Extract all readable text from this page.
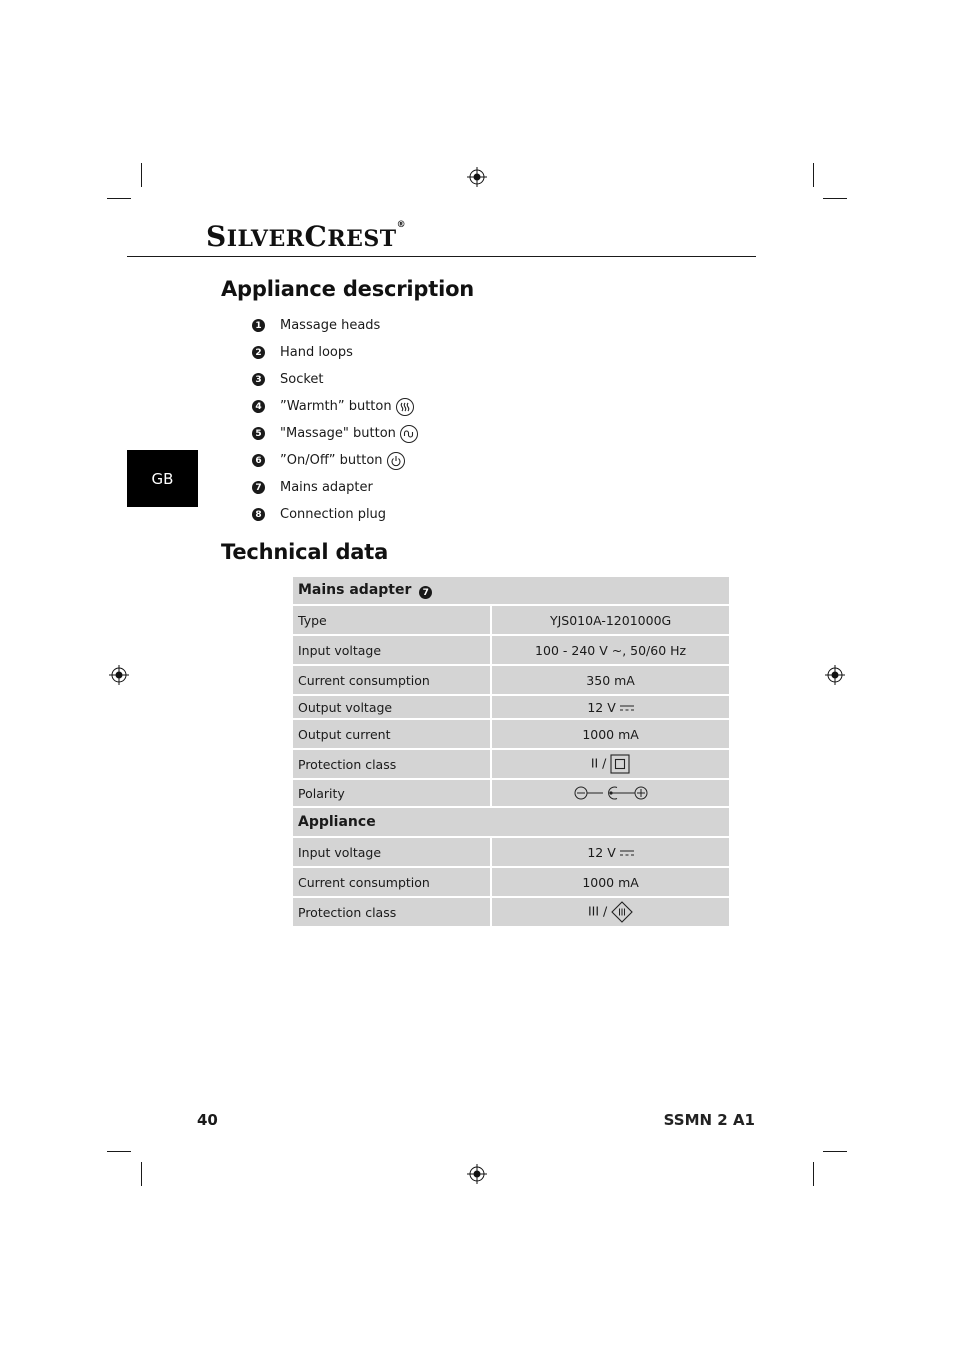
SILVERCREST®
GB
Appliance description
1 Massage heads
2 Hand loops
3 Socket
4 ”Warmth” button
5 "Massage" button
6 ”On/Off” button
7 Mains adapter
8 Connection plug
Technical data
Mains adapter 7	
Type	YJS010A-1201000G
Input voltage	100 - 240 V ~, 50/60 Hz
Current consumption	350 mA
Output voltage	12 V
Output current	1000 mA
Protection class	II /
Polarity	
Appliance	
Input voltage	12 V
Current consumption	1000 mA
Protection class	III /
40	SSMN 2 A1
